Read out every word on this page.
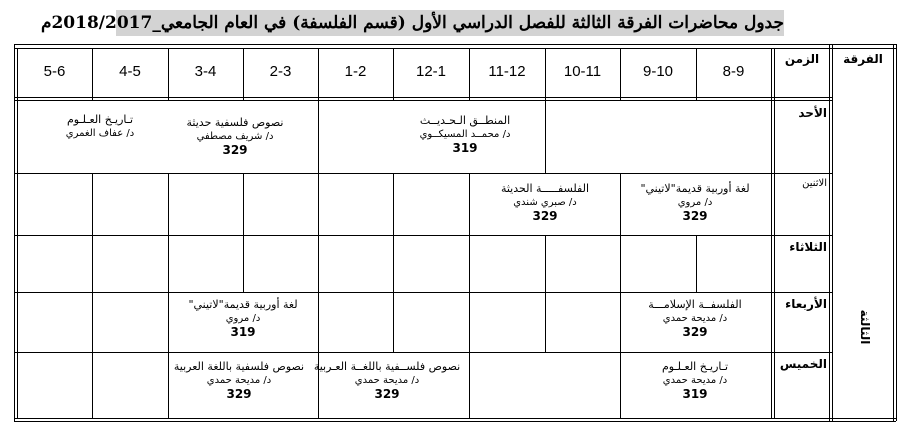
جدول محاضرات الفرقة الثالثة للفصل الدراسي الأول (قسم الفلسفة) في العام الجامعي_2018/2017م
الفرقة
الزمن
8-9
9-10
10-11
11-12
12-1
1-2
2-3
3-4
4-5
5-6
الأحد
الاثنين
الثلاثاء
الأربعاء
الخميس
الثالثة
تـاريـخ العـلـوم
د/ عفاف الغمري
نصوص فلسفية حديثة
د/ شريف مصطفي
329
المنطــق الـحـديــث
د/ محمــد المسيكــوي
319
الفلسفـــــة الحديثة
د/ صبري شندي
329
لغة أوربية قديمة"لاتيني"
د/ مروي
329
لغة أوربية قديمة"لاتيني"
د/ مروي
319
الفلسفــة الإسلامـــة
د/ مديحة حمدي
329
نصوص فلسفية باللغة العربية
د/ مديحة حمدي
329
نصوص فلســفية باللغــة العـربية
د/ مديحة حمدي
329
تـاريـخ العـلـوم
د/ مديحة حمدي
319
